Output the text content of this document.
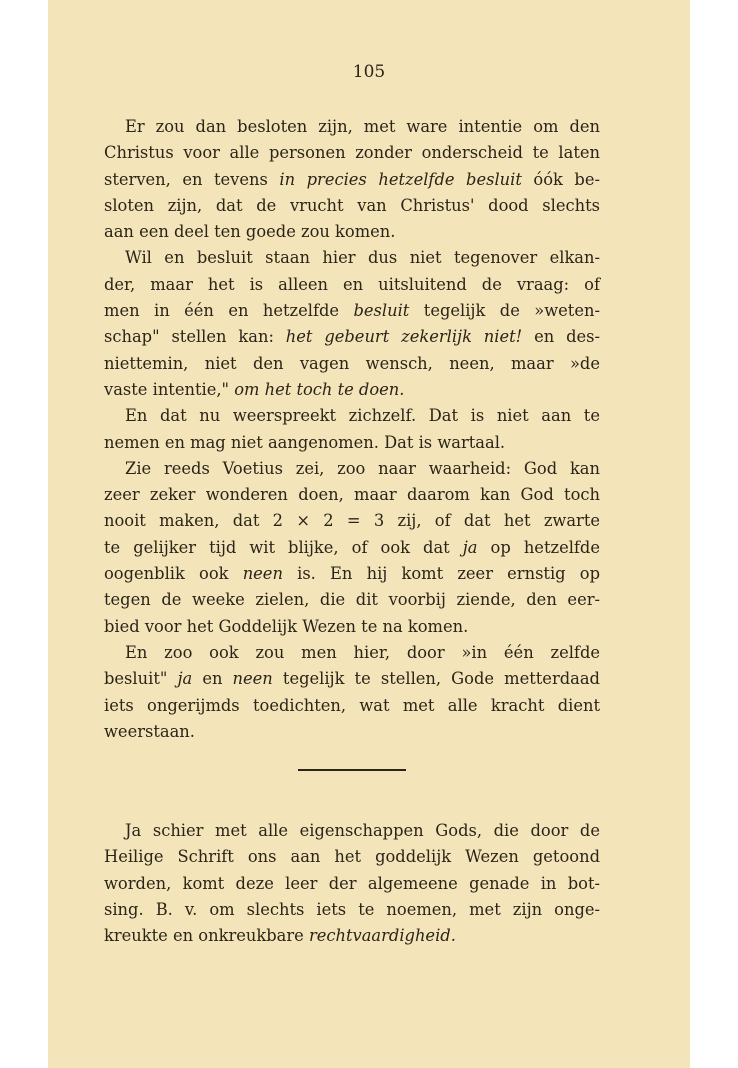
105
Er zou dan besloten zijn, met ware intentie om den
Christus voor alle personen zonder onderscheid te laten
sterven, en tevens in precies hetzelfde besluit óók be-
sloten zijn, dat de vrucht van Christus' dood slechts
aan een deel ten goede zou komen.
Wil en besluit staan hier dus niet tegenover elkan-
der, maar het is alleen en uitsluitend de vraag: of
men in één en hetzelfde besluit tegelijk de »weten-
schap" stellen kan: het gebeurt zekerlijk niet! en des-
niettemin, niet den vagen wensch, neen, maar »de
vaste intentie," om het toch te doen.
En dat nu weerspreekt zichzelf. Dat is niet aan te
nemen en mag niet aangenomen. Dat is wartaal.
Zie reeds Voetius zei, zoo naar waarheid: God kan
zeer zeker wonderen doen, maar daarom kan God toch
nooit maken, dat 2 × 2 = 3 zij, of dat het zwarte
te gelijker tijd wit blijke, of ook dat ja op hetzelfde
oogenblik ook neen is. En hij komt zeer ernstig op
tegen de weeke zielen, die dit voorbij ziende, den eer-
bied voor het Goddelijk Wezen te na komen.
En zoo ook zou men hier, door »in één zelfde
besluit" ja en neen tegelijk te stellen, Gode metterdaad
iets ongerijmds toedichten, wat met alle kracht dient
weerstaan.
Ja schier met alle eigenschappen Gods, die door de
Heilige Schrift ons aan het goddelijk Wezen getoond
worden, komt deze leer der algemeene genade in bot-
sing. B. v. om slechts iets te noemen, met zijn onge-
kreukte en onkreukbare rechtvaardigheid.
